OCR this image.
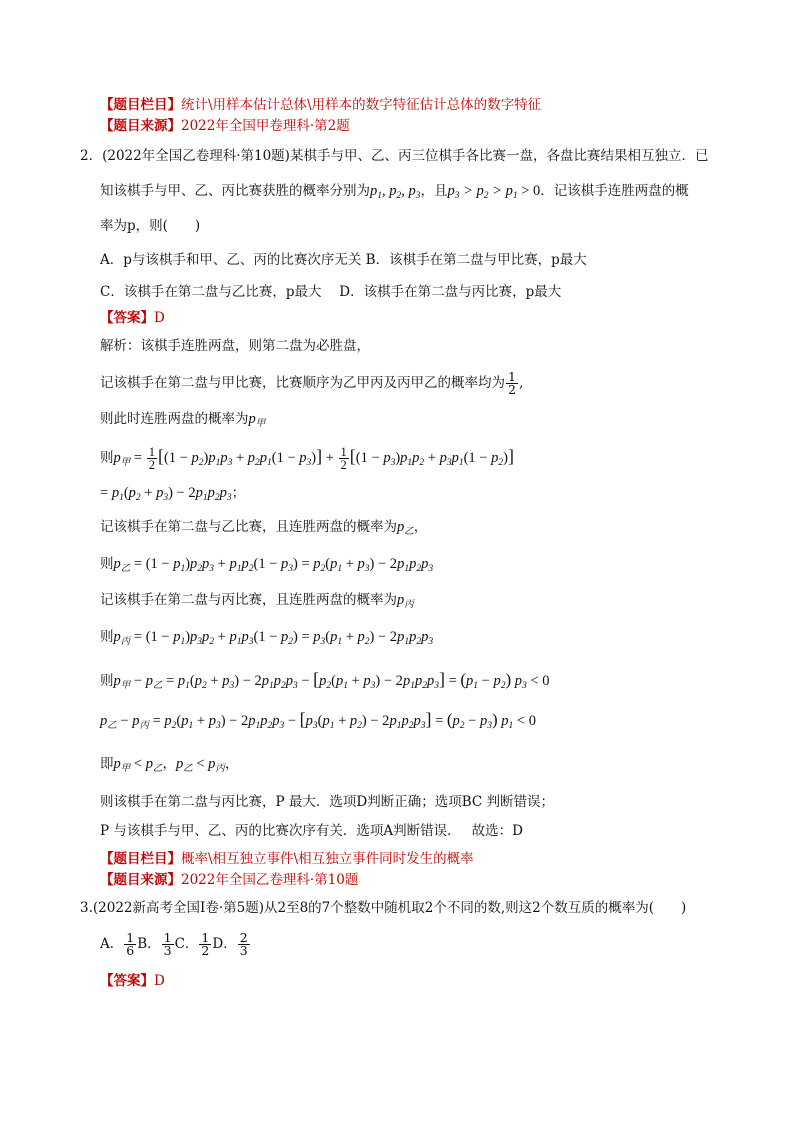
【题目栏目】统计\用样本估计总体\用样本的数字特征估计总体的数字特征
【题目来源】2022年全国甲卷理科·第2题
2．(2022年全国乙卷理科·第10题)某棋手与甲、乙、丙三位棋手各比赛一盘，各盘比赛结果相互独立．已
知该棋手与甲、乙、丙比赛获胜的概率分别为$p_1$, $p_2$, $p_3$，且$p_3 > p_2 > p_1 > 0$．记该棋手连胜两盘的概
率为p，则(　　)
A．p与该棋手和甲、乙、丙的比赛次序无关 B．该棋手在第二盘与甲比赛，p最大
C．该棋手在第二盘与乙比赛，p最大　 D．该棋手在第二盘与丙比赛，p最大
【答案】D
解析：该棋手连胜两盘，则第二盘为必胜盘，
记该棋手在第二盘与甲比赛，比赛顺序为乙甲丙及丙甲乙的概率均为 $\frac{1}{2}$ ,
则此时连胜两盘的概率为$p_甲$
则$p_甲 = \frac{1}{2} [(1 - p_2)p_1p_3 + p_2p_1(1 - p_3)] + \frac{1}{2} [(1 - p_3)p_1p_2 + p_3p_1(1 - p_2)]$
= $p_1(p_2 + p_3) - 2p_1p_2p_3$；
记该棋手在第二盘与乙比赛，且连胜两盘的概率为$p_乙$，
则$p_乙 = (1 - p_1)p_2p_3 + p_1p_2(1 - p_3) = p_2(p_1 + p_3) - 2p_1p_2p_3$
记该棋手在第二盘与丙比赛，且连胜两盘的概率为$p_丙$
则$p_丙 = (1 - p_1)p_3p_2 + p_1p_3(1 - p_2) = p_3(p_1 + p_2) - 2p_1p_2p_3$
则$p_甲 - p_乙 = p_1(p_2 + p_3) - 2p_1p_2p_3 - [p_2(p_1 + p_3) - 2p_1p_2p_3] = (p_1 - p_2) p_3 < 0$
$p_乙 - p_丙 = p_2(p_1 + p_3) - 2p_1p_2p_3 - [p_3(p_1 + p_2) - 2p_1p_2p_3] = (p_2 - p_3) p_1 < 0$
即$p_甲 < p_乙$，$p_乙 < p_丙$，
则该棋手在第二盘与丙比赛，P 最大．选项D判断正确；选项BC 判断错误；
P 与该棋手与甲、乙、丙的比赛次序有关．选项A判断错误．　 故选：D
【题目栏目】概率\相互独立事件\相互独立事件同时发生的概率
【题目来源】2022年全国乙卷理科·第10题
3.(2022新高考全国I卷·第5题)从2至8的7个整数中随机取2个不同的数,则这2个数互质的概率为(　　)
A． $\frac{1}{6}$ B． $\frac{1}{3}$ C． $\frac{1}{2}$ D． $\frac{2}{3}$
【答案】D
